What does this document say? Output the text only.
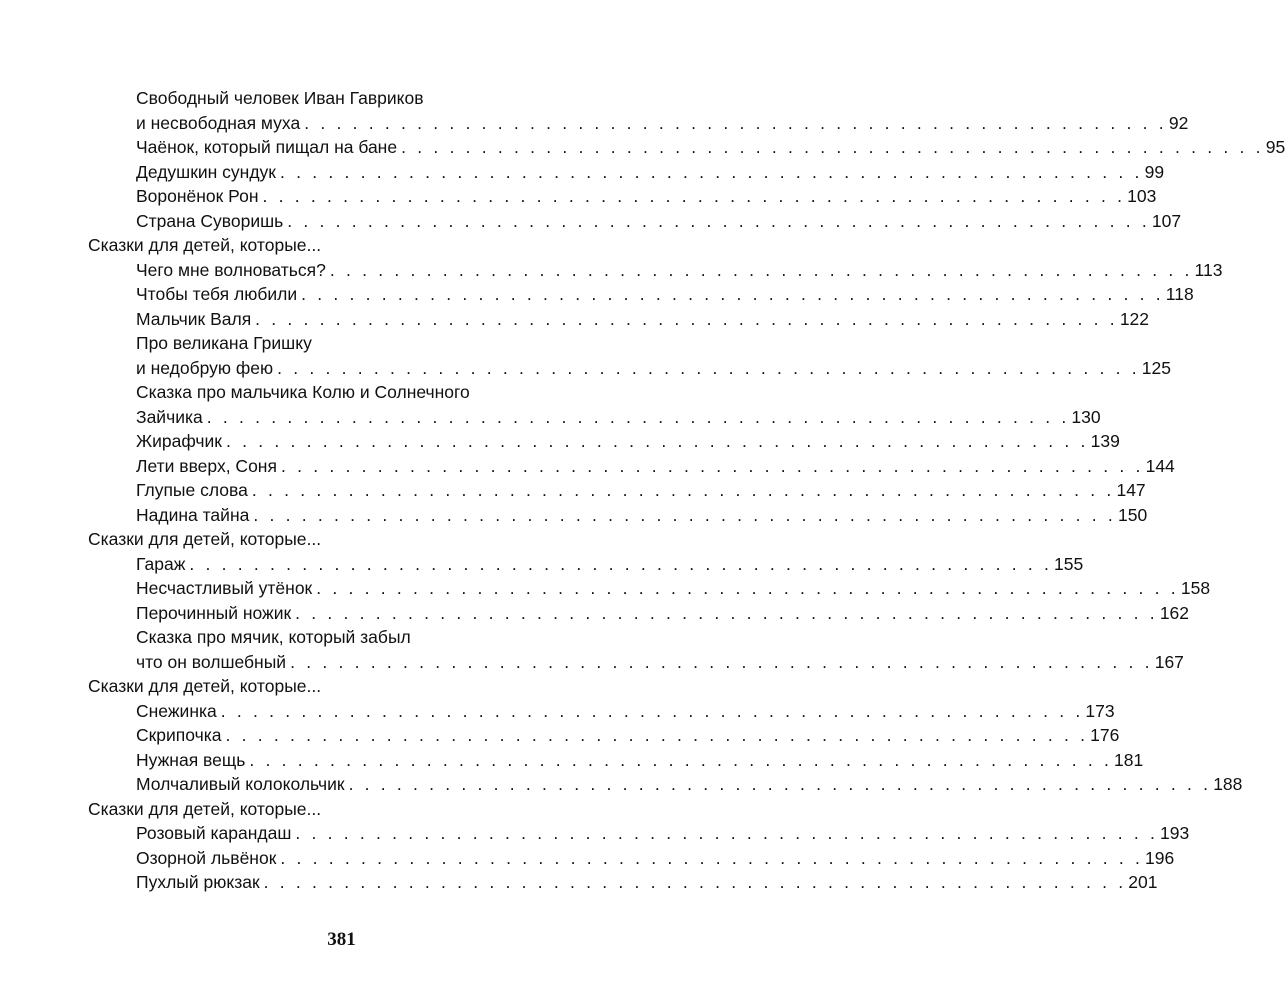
Свободный человек Иван Гавриков
и несвободная муха . . . . . . . . . . . . . . . . . . . . . . . . . . . . . . . . . . . . . . . . . . . . . . . . . . . . . . 92
Чаёнок, который пищал на бане . . . . . . . . . . . . . . . . . . . . . . . . . . . . . . . . . . . . . . . . . . . . . . . . . . . . . . 95
Дедушкин сундук . . . . . . . . . . . . . . . . . . . . . . . . . . . . . . . . . . . . . . . . . . . . . . . . . . . . . . 99
Воронёнок Рон . . . . . . . . . . . . . . . . . . . . . . . . . . . . . . . . . . . . . . . . . . . . . . . . . . . . . . 103
Страна Суворишь . . . . . . . . . . . . . . . . . . . . . . . . . . . . . . . . . . . . . . . . . . . . . . . . . . . . . . 107
Сказки для детей, которые...
Чего мне волноваться? . . . . . . . . . . . . . . . . . . . . . . . . . . . . . . . . . . . . . . . . . . . . . . . . . . . . . . 113
Чтобы тебя любили . . . . . . . . . . . . . . . . . . . . . . . . . . . . . . . . . . . . . . . . . . . . . . . . . . . . . . 118
Мальчик Валя . . . . . . . . . . . . . . . . . . . . . . . . . . . . . . . . . . . . . . . . . . . . . . . . . . . . . . 122
Про великана Гришку
и недобрую фею . . . . . . . . . . . . . . . . . . . . . . . . . . . . . . . . . . . . . . . . . . . . . . . . . . . . . . 125
Сказка про мальчика Колю и Солнечного
Зайчика . . . . . . . . . . . . . . . . . . . . . . . . . . . . . . . . . . . . . . . . . . . . . . . . . . . . . . 130
Жирафчик . . . . . . . . . . . . . . . . . . . . . . . . . . . . . . . . . . . . . . . . . . . . . . . . . . . . . . 139
Лети вверх, Соня . . . . . . . . . . . . . . . . . . . . . . . . . . . . . . . . . . . . . . . . . . . . . . . . . . . . . . 144
Глупые слова . . . . . . . . . . . . . . . . . . . . . . . . . . . . . . . . . . . . . . . . . . . . . . . . . . . . . . 147
Надина тайна . . . . . . . . . . . . . . . . . . . . . . . . . . . . . . . . . . . . . . . . . . . . . . . . . . . . . . 150
Сказки для детей, которые...
Гараж . . . . . . . . . . . . . . . . . . . . . . . . . . . . . . . . . . . . . . . . . . . . . . . . . . . . . . 155
Несчастливый утёнок . . . . . . . . . . . . . . . . . . . . . . . . . . . . . . . . . . . . . . . . . . . . . . . . . . . . . . 158
Перочинный ножик . . . . . . . . . . . . . . . . . . . . . . . . . . . . . . . . . . . . . . . . . . . . . . . . . . . . . . 162
Сказка про мячик, который забыл
что он волшебный . . . . . . . . . . . . . . . . . . . . . . . . . . . . . . . . . . . . . . . . . . . . . . . . . . . . . . 167
Сказки для детей, которые...
Снежинка . . . . . . . . . . . . . . . . . . . . . . . . . . . . . . . . . . . . . . . . . . . . . . . . . . . . . . 173
Скрипочка . . . . . . . . . . . . . . . . . . . . . . . . . . . . . . . . . . . . . . . . . . . . . . . . . . . . . . 176
Нужная вещь . . . . . . . . . . . . . . . . . . . . . . . . . . . . . . . . . . . . . . . . . . . . . . . . . . . . . . 181
Молчаливый колокольчик . . . . . . . . . . . . . . . . . . . . . . . . . . . . . . . . . . . . . . . . . . . . . . . . . . . . . . 188
Сказки для детей, которые...
Розовый карандаш . . . . . . . . . . . . . . . . . . . . . . . . . . . . . . . . . . . . . . . . . . . . . . . . . . . . . . 193
Озорной львёнок . . . . . . . . . . . . . . . . . . . . . . . . . . . . . . . . . . . . . . . . . . . . . . . . . . . . . . 196
Пухлый рюкзак . . . . . . . . . . . . . . . . . . . . . . . . . . . . . . . . . . . . . . . . . . . . . . . . . . . . . . 201
381
